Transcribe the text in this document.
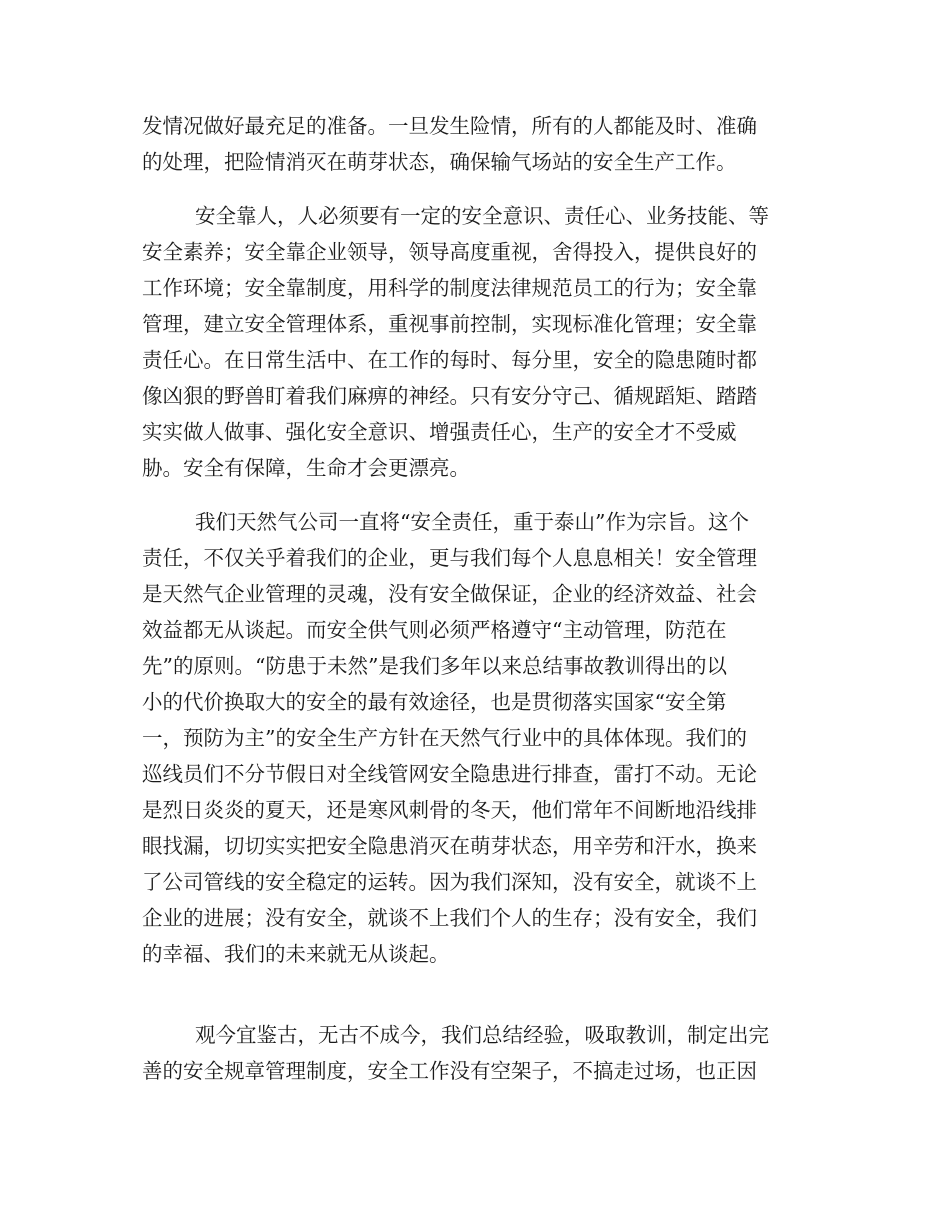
发情况做好最充足的准备。一旦发生险情，所有的人都能及时、准确
的处理，把险情消灭在萌芽状态，确保输气场站的安全生产工作。
安全靠人，人必须要有一定的安全意识、责任心、业务技能、等
安全素养；安全靠企业领导，领导高度重视，舍得投入，提供良好的
工作环境；安全靠制度，用科学的制度法律规范员工的行为；安全靠
管理，建立安全管理体系，重视事前控制，实现标准化管理；安全靠
责任心。在日常生活中、在工作的每时、每分里，安全的隐患随时都
像凶狠的野兽盯着我们麻痹的神经。只有安分守己、循规蹈矩、踏踏
实实做人做事、强化安全意识、增强责任心，生产的安全才不受威
胁。安全有保障，生命才会更漂亮。
我们天然气公司一直将“安全责任，重于泰山”作为宗旨。这个
责任，不仅关乎着我们的企业，更与我们每个人息息相关！安全管理
是天然气企业管理的灵魂，没有安全做保证，企业的经济效益、社会
效益都无从谈起。而安全供气则必须严格遵守“主动管理，防范在
先”的原则。“防患于未然”是我们多年以来总结事故教训得出的以
小的代价换取大的安全的最有效途径，也是贯彻落实国家“安全第
一，预防为主”的安全生产方针在天然气行业中的具体体现。我们的
巡线员们不分节假日对全线管网安全隐患进行排查，雷打不动。无论
是烈日炎炎的夏天，还是寒风刺骨的冬天，他们常年不间断地沿线排
眼找漏，切切实实把安全隐患消灭在萌芽状态，用辛劳和汗水，换来
了公司管线的安全稳定的运转。因为我们深知，没有安全，就谈不上
企业的进展；没有安全，就谈不上我们个人的生存；没有安全，我们
的幸福、我们的未来就无从谈起。
观今宜鉴古，无古不成今，我们总结经验，吸取教训，制定出完
善的安全规章管理制度，安全工作没有空架子，不搞走过场，也正因
